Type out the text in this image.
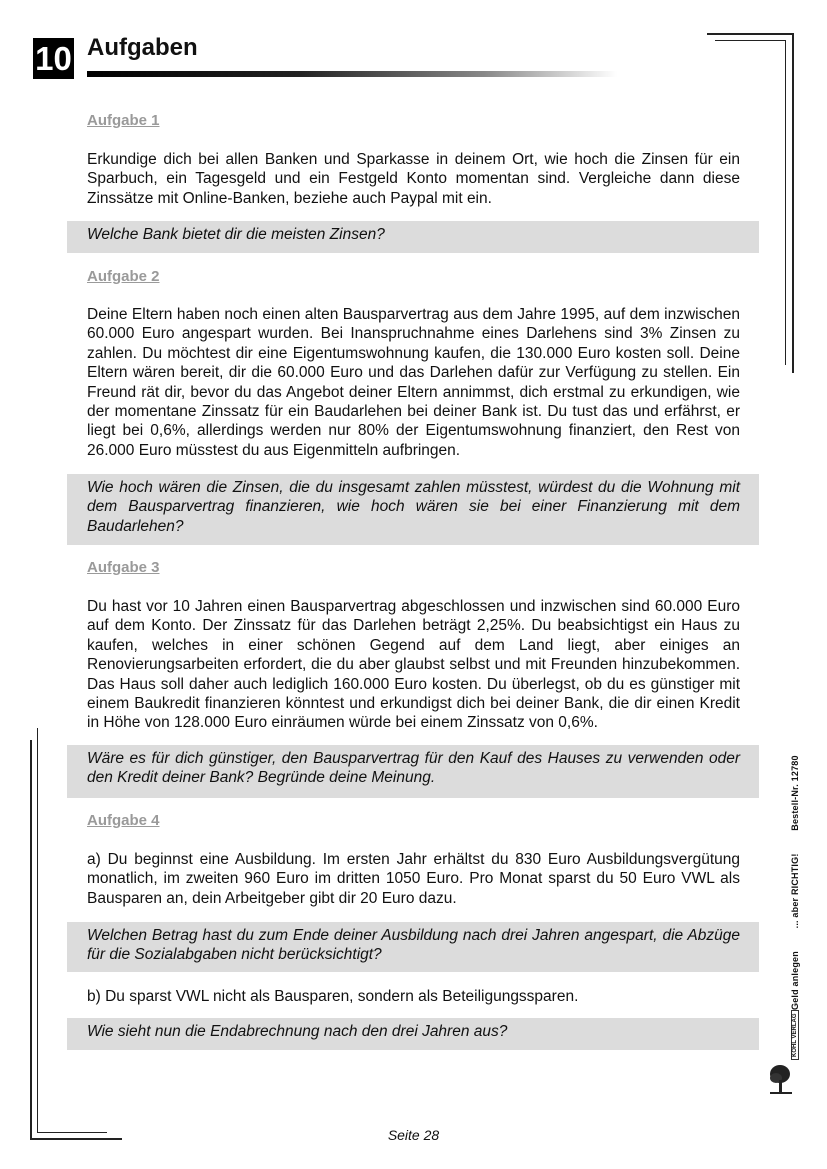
10 Aufgaben
Aufgabe 1
Erkundige dich bei allen Banken und Sparkasse in deinem Ort, wie hoch die Zinsen für ein Sparbuch, ein Tagesgeld und ein Festgeld Konto momentan sind. Vergleiche dann diese Zinssätze mit Online-Banken, beziehe auch Paypal mit ein.
Welche Bank bietet dir die meisten Zinsen?
Aufgabe 2
Deine Eltern haben noch einen alten Bausparvertrag aus dem Jahre 1995, auf dem inzwischen 60.000 Euro angespart wurden. Bei Inanspruchnahme eines Darlehens sind 3% Zinsen zu zahlen. Du möchtest dir eine Eigentumswohnung kaufen, die 130.000 Euro kosten soll. Deine Eltern wären bereit, dir die 60.000 Euro und das Darlehen dafür zur Verfügung zu stellen. Ein Freund rät dir, bevor du das Angebot deiner Eltern annimmst, dich erstmal zu erkundigen, wie der momentane Zinssatz für ein Baudarlehen bei deiner Bank ist. Du tust das und erfährst, er liegt bei 0,6%, allerdings werden nur 80% der Eigentumswohnung finanziert, den Rest von 26.000 Euro müsstest du aus Eigenmitteln aufbringen.
Wie hoch wären die Zinsen, die du insgesamt zahlen müsstest, würdest du die Wohnung mit dem Bausparvertrag finanzieren, wie hoch wären sie bei einer Finanzierung mit dem Baudarlehen?
Aufgabe 3
Du hast vor 10 Jahren einen Bausparvertrag abgeschlossen und inzwischen sind 60.000 Euro auf dem Konto. Der Zinssatz für das Darlehen beträgt 2,25%. Du beabsichtigst ein Haus zu kaufen, welches in einer schönen Gegend auf dem Land liegt, aber einiges an Renovierungsarbeiten erfordert, die du aber glaubst selbst und mit Freunden hinzubekommen. Das Haus soll daher auch lediglich 160.000 Euro kosten. Du überlegst, ob du es günstiger mit einem Baukredit finanzieren könntest und erkundigst dich bei deiner Bank, die dir einen Kredit in Höhe von 128.000 Euro einräumen würde bei einem Zinssatz von 0,6%.
Wäre es für dich günstiger, den Bausparvertrag für den Kauf des Hauses zu verwenden oder den Kredit deiner Bank? Begründe deine Meinung.
Aufgabe 4
a) Du beginnst eine Ausbildung. Im ersten Jahr erhältst du 830 Euro Ausbildungsvergütung monatlich, im zweiten 960 Euro im dritten 1050 Euro. Pro Monat sparst du 50 Euro VWL als Bausparen an, dein Arbeitgeber gibt dir 20 Euro dazu.
Welchen Betrag hast du zum Ende deiner Ausbildung nach drei Jahren angespart, die Abzüge für die Sozialabgaben nicht berücksichtigt?
b) Du sparst VWL nicht als Bausparen, sondern als Beteiligungssparen.
Wie sieht nun die Endabrechnung nach den drei Jahren aus?
Geld anlegen ... aber RICHTIG! Bestell-Nr. 12780
KOHL VERLAG
Seite 28
